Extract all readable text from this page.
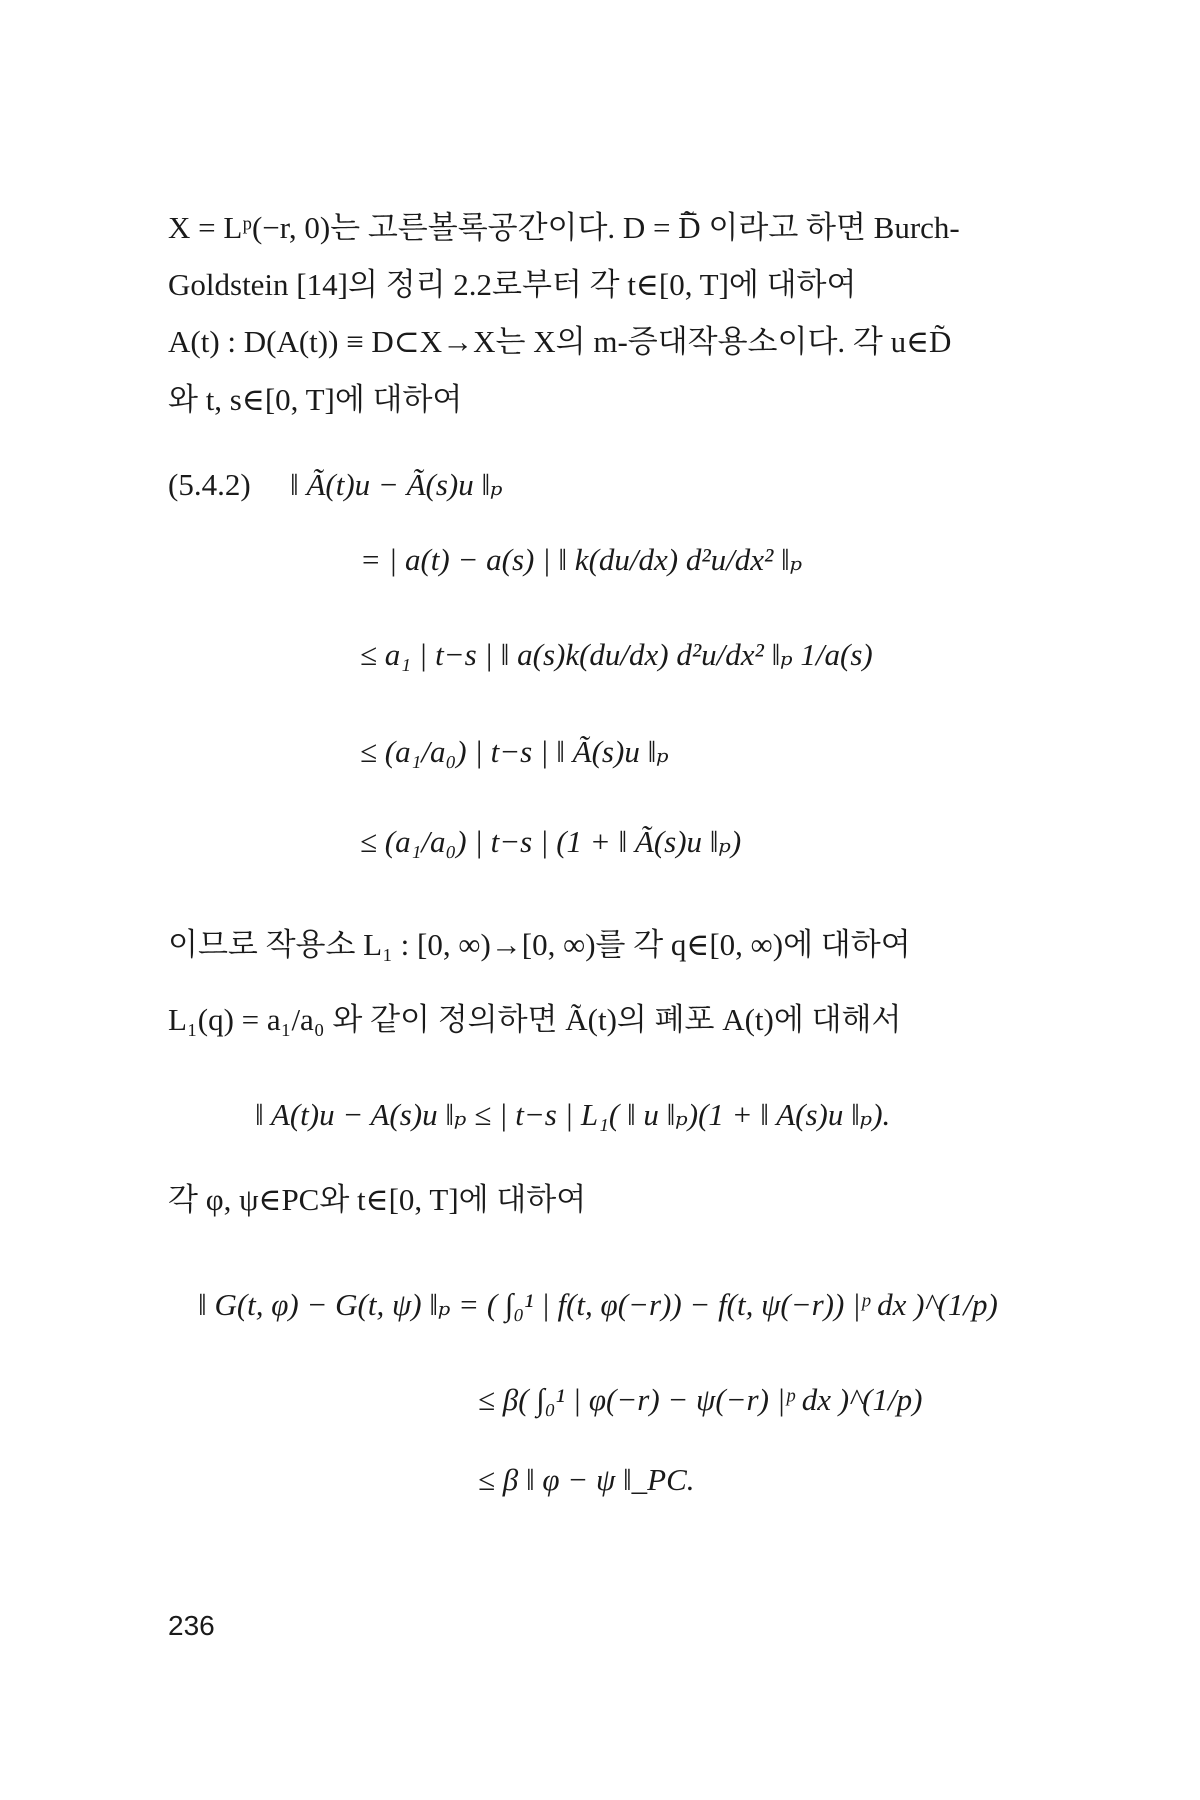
X = Lᵖ(−r, 0)는 고른볼록공간이다. D = D̃̅ 이라고 하면 Burch-
Goldstein [14]의 정리 2.2로부터 각 t∈[0, T]에 대하여
A(t) : D(A(t)) ≡ D⊂X→X는 X의 m-증대작용소이다. 각 u∈D̃
와 t, s∈[0, T]에 대하여
(5.4.2) ‖ Ã(t)u − Ã(s)u ‖ₚ
= | a(t) − a(s) | ‖ k(du/dx) d²u/dx² ‖ₚ
≤ a₁ | t−s | ‖ a(s)k(du/dx) d²u/dx² ‖ₚ 1/a(s)
≤ (a₁/a₀) | t−s | ‖ Ã(s)u ‖ₚ
≤ (a₁/a₀) | t−s | (1 + ‖ Ã(s)u ‖ₚ)
이므로 작용소 L₁ : [0, ∞)→[0, ∞)를 각 q∈[0, ∞)에 대하여
L₁(q) = a₁/a₀ 와 같이 정의하면 Ã(t)의 폐포 A(t)에 대해서
‖ A(t)u − A(s)u ‖ₚ ≤ | t−s | L₁( ‖ u ‖ₚ)(1 + ‖ A(s)u ‖ₚ).
각 φ, ψ∈PC와 t∈[0, T]에 대하여
‖ G(t, φ) − G(t, ψ) ‖ₚ = ( ∫₀¹ | f(t, φ(−r)) − f(t, ψ(−r)) |ᵖ dx )^(1/p)
≤ β( ∫₀¹ | φ(−r) − ψ(−r) |ᵖ dx )^(1/p)
≤ β ‖ φ − ψ ‖_PC.
236
